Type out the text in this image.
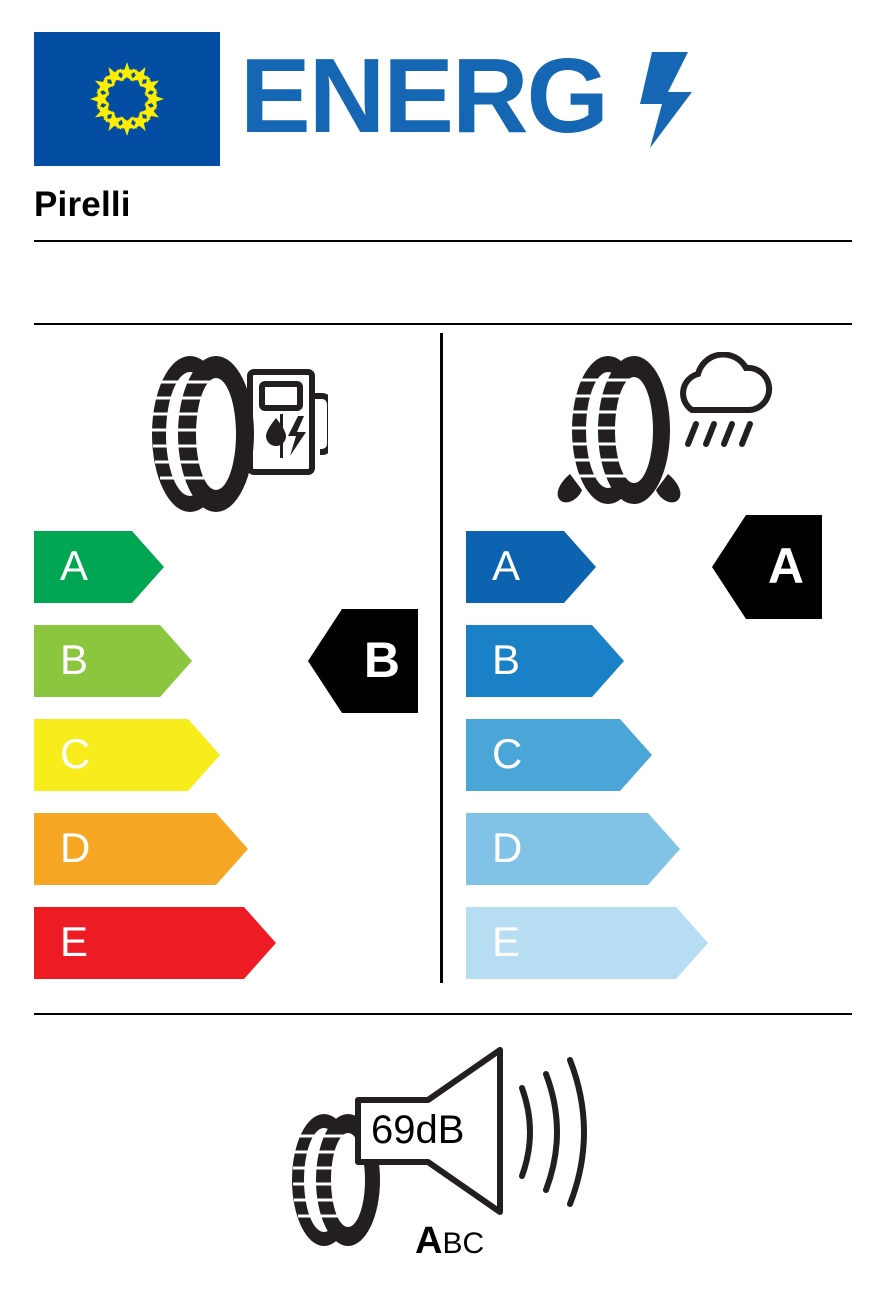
ENERG
Pirelli
A
B
C
D
E
B
A
B
C
D
E
A
69dB
ABC
